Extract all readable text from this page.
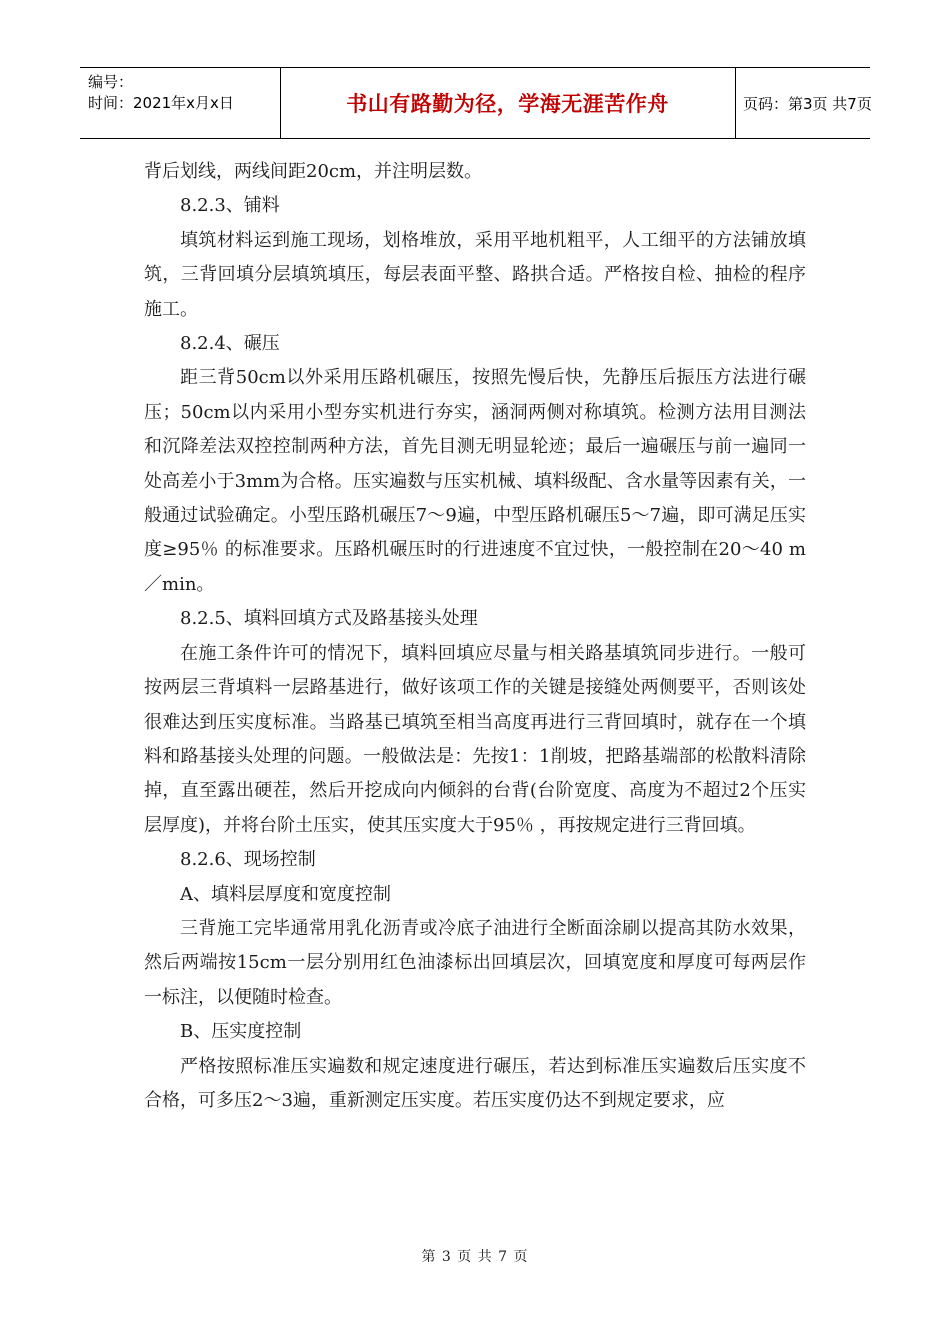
编号：
时间：2021年x月x日	书山有路勤为径，学海无涯苦作舟	页码：第3页 共7页

背后划线，两线间距20cm，并注明层数。

8.2.3、铺料

填筑材料运到施工现场，划格堆放，采用平地机粗平，人工细平的方法铺放填筑，三背回填分层填筑填压，每层表面平整、路拱合适。严格按自检、抽检的程序施工。

8.2.4、碾压

距三背50cm以外采用压路机碾压，按照先慢后快，先静压后振压方法进行碾压；50cm以内采用小型夯实机进行夯实，涵洞两侧对称填筑。检测方法用目测法和沉降差法双控控制两种方法，首先目测无明显轮迹；最后一遍碾压与前一遍同一处高差小于3mm为合格。压实遍数与压实机械、填料级配、含水量等因素有关，一般通过试验确定。小型压路机碾压7～9遍，中型压路机碾压5～7遍，即可满足压实度≥95％ 的标准要求。压路机碾压时的行进速度不宜过快，一般控制在20～40 m／min。

8.2.5、填料回填方式及路基接头处理

在施工条件许可的情况下，填料回填应尽量与相关路基填筑同步进行。一般可按两层三背填料一层路基进行，做好该项工作的关键是接缝处两侧要平，否则该处很难达到压实度标准。当路基已填筑至相当高度再进行三背回填时，就存在一个填料和路基接头处理的问题。一般做法是：先按1：1削坡，把路基端部的松散料清除掉，直至露出硬茬，然后开挖成向内倾斜的台背(台阶宽度、高度为不超过2个压实层厚度)，并将台阶土压实，使其压实度大于95％ ，再按规定进行三背回填。

8.2.6、现场控制

A、填料层厚度和宽度控制

三背施工完毕通常用乳化沥青或冷底子油进行全断面涂刷以提高其防水效果，然后两端按15cm一层分别用红色油漆标出回填层次，回填宽度和厚度可每两层作一标注，以便随时检查。

B、压实度控制

严格按照标准压实遍数和规定速度进行碾压，若达到标准压实遍数后压实度不合格，可多压2～3遍，重新测定压实度。若压实度仍达不到规定要求，应

第 3 页 共 7 页
